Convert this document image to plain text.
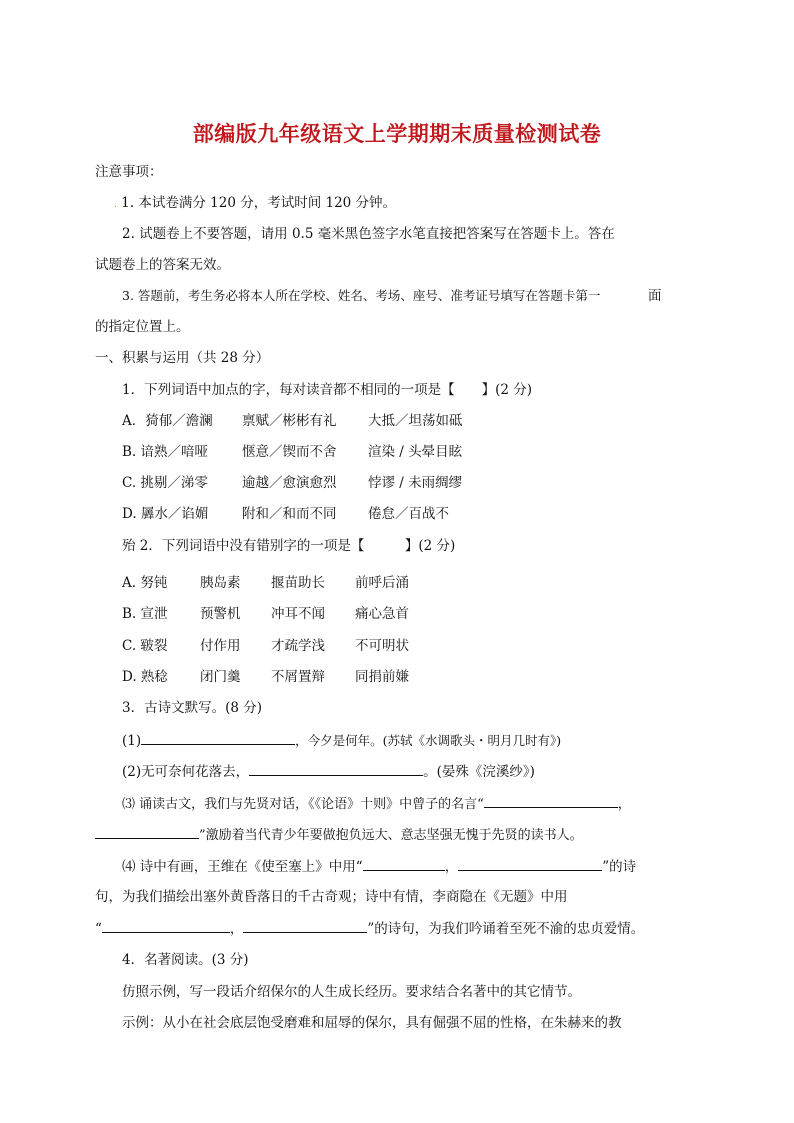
部编版九年级语文上学期期末质量检测试卷
注意事项：
. 1. 本试卷满分 120 分，考试时间 120 分钟。
2. 试题卷上不要答题，请用 0.5 毫米黑色签字水笔直接把答案写在答题卡上。答在
试题卷上的答案无效。
3. 答题前，考生务必将本人所在学校、姓名、考场、座号、准考证号填写在答题卡第一	面
的指定位置上。
一、积累与运用（共 28 分）
1．下列词语中加点的字，每对读音都不相同的一项是【　　】(2 分)
A．猗郁／澹澜 禀赋／彬彬有礼 大抵／坦荡如砥
B. 谙熟／喑哑	惬意／锲而不舍 渲染 / 头晕目眩
C. 挑剔／涕零	逾越／愈演愈烈 悖谬 / 未雨绸缪
D. 羼水／谄媚 附和／和而不同 倦怠／百战不
殆 2．下列词语中没有错别字的一项是【　　　】(2 分)
A. 努钝 胰岛素 揠苗助长 前呼后涌
B. 宣泄 预警机 冲耳不闻 痛心急首
C. 皲裂 付作用 才疏学浅 不可明状
D. 熟稔 闭门羹 不屑置辩 同捐前嫌
3．古诗文默写。(8 分)
(1)	，今夕是何年。(苏轼《水调歌头・明月几时有》)
(2)无可奈何花落去，	。(晏殊《浣溪纱》)
⑶ 诵读古文，我们与先贤对话，《《论语》十则》中曾子的名言“	，
”激励着当代青少年要做抱负远大、意志坚强无愧于先贤的读书人。
⑷ 诗中有画，王维在《使至塞上》中用“	，	”的诗
句，为我们描绘出塞外黄昏落日的千古奇观；诗中有情，李商隐在《无题》中用
“	，	”的诗句，为我们吟诵着至死不渝的忠贞爱情。
4．名著阅读。(3 分)
仿照示例，写一段话介绍保尔的人生成长经历。要求结合名著中的其它情节。
示例：从小在社会底层饱受磨难和屈辱的保尔，具有倔强不屈的性格，在朱赫来的教
